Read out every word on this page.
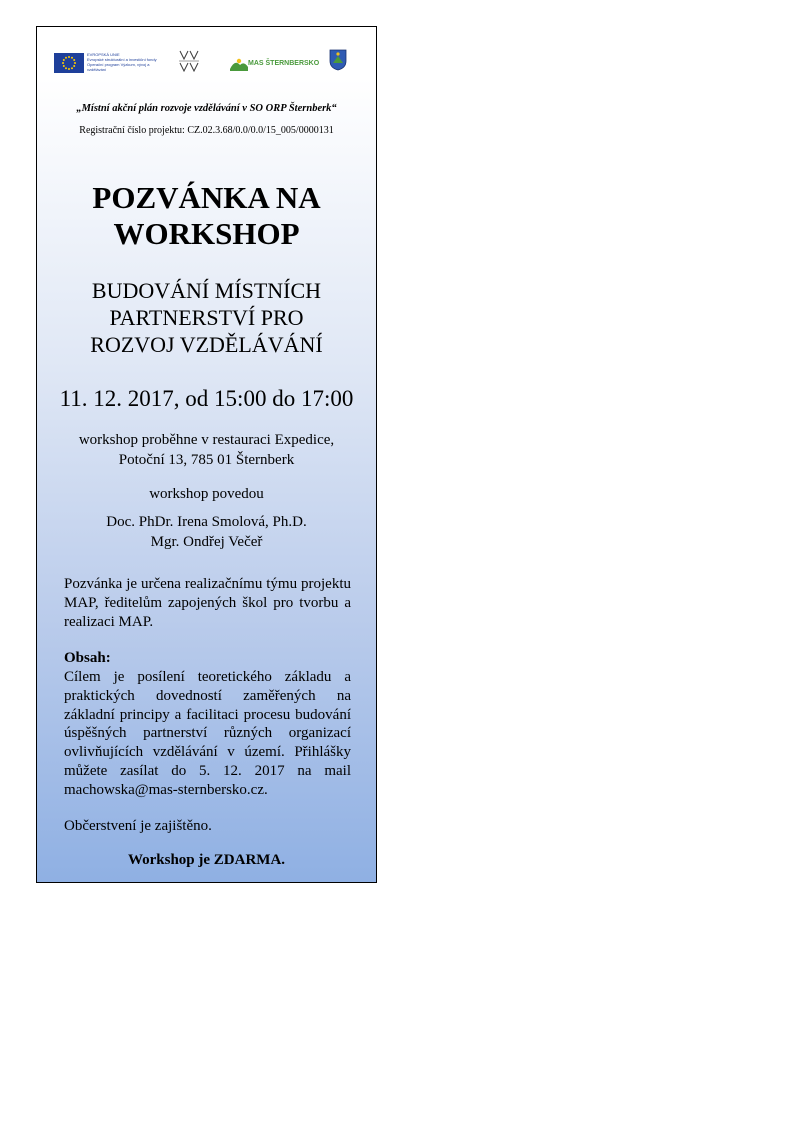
EVROPSKÁ UNIE
Evropské strukturální a investiční fondy
Operační program Výzkum, vývoj a vzdělávání
MAS ŠTERNBERSKO
„Místní akční plán rozvoje vzdělávání v SO ORP Šternberk“
Registrační číslo projektu: CZ.02.3.68/0.0/0.0/15_005/0000131
POZVÁNKA NA
WORKSHOP
BUDOVÁNÍ MÍSTNÍCH
PARTNERSTVÍ PRO
ROZVOJ VZDĚLÁVÁNÍ
11. 12. 2017, od 15:00 do 17:00
workshop proběhne v restauraci Expedice,
Potoční 13, 785 01 Šternberk
workshop povedou
Doc. PhDr. Irena Smolová, Ph.D.
Mgr. Ondřej Večeř
Pozvánka je určena realizačnímu týmu projektu MAP, ředitelům zapojených škol pro tvorbu a realizaci MAP.
Obsah:
Cílem je posílení teoretického základu a praktických dovedností zaměřených na základní principy a facilitaci procesu budování úspěšných partnerství různých organizací ovlivňujících vzdělávání v území. Přihlášky můžete zasílat do 5. 12. 2017 na mail machowska@mas-sternbersko.cz.
Občerstvení je zajištěno.
Workshop je ZDARMA.
